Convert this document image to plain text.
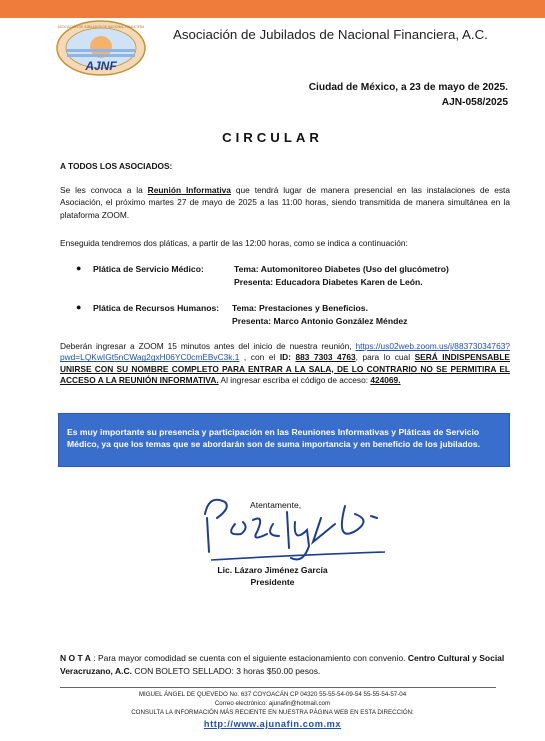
AJNF
ASOCIACIÓN DE JUBILADOS DE NACIONAL FINANCIERA Asociación de Jubilados de Nacional Financiera, A.C.
Ciudad de México, a 23 de mayo de 2025.
AJN-058/2025
CIRCULAR
A TODOS LOS ASOCIADOS:
Se les convoca a la Reunión Informativa que tendrá lugar de manera presencial en las instalaciones de esta Asociación, el próximo martes 27 de mayo de 2025 a las 11:00 horas, siendo transmitida de manera simultánea en la plataforma ZOOM.
Enseguida tendremos dos pláticas, a partir de las 12:00 horas, como se indica a continuación:
● Plática de Servicio Médico:	Tema: Automonitoreo Diabetes (Uso del glucómetro)
Presenta: Educadora Diabetes Karen de León.
● Plática de Recursos Humanos: Tema: Prestaciones y Beneficios.
Presenta: Marco Antonio González Méndez
Deberán ingresar a ZOOM 15 minutos antes del inicio de nuestra reunión, https://us02web.zoom.us/j/88373034763?pwd=LQKwIGt5nCWag2gxH06YC0cmEBvC3k.1 , con el ID: 883 7303 4763, para lo cual SERÁ INDISPENSABLE UNIRSE CON SU NOMBRE COMPLETO PARA ENTRAR A LA SALA, DE LO CONTRARIO NO SE PERMITIRA EL ACCESO A LA REUNIÓN INFORMATIVA. Al ingresar escriba el código de acceso: 424069.
Es muy importante su presencia y participación en las Reuniones Informativas y Pláticas de Servicio Médico, ya que los temas que se abordarán son de suma importancia y en beneficio de los jubilados.
Atentamente,
Lic. Lázaro Jiménez García
Presidente
N O T A : Para mayor comodidad se cuenta con el siguiente estacionamiento con convenio. Centro Cultural y Social Veracruzano, A.C. CON BOLETO SELLADO: 3 horas $50.00 pesos.
MIGUEL ÁNGEL DE QUEVEDO No. 637 COYOACÁN CP 04320 55-55-54-09-54 55-55-54-57-04
Correo electrónico: ajunafin@hotmail.com
CONSULTA LA INFORMACIÓN MÁS RECIENTE EN NUESTRA PÁGINA WEB EN ESTA DIRECCIÓN:
http://www.ajunafin.com.mx
